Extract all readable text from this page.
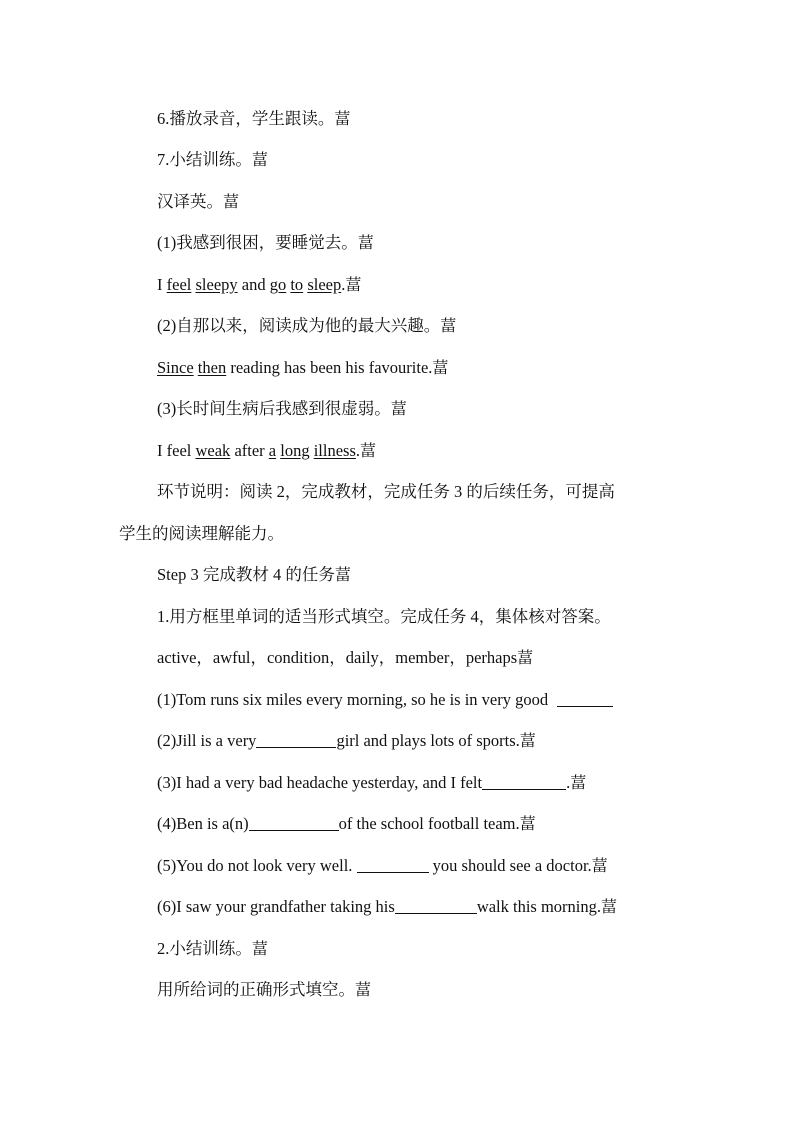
6.播放录音，学生跟读。葍
7.小结训练。葍
汉译英。葍
(1)我感到很困，要睡觉去。葍
I feel sleepy and go to sleep.葍
(2)自那以来，阅读成为他的最大兴趣。葍
Since then reading has been his favourite.葍
(3)长时间生病后我感到很虚弱。葍
I feel weak after a long illness.葍
环节说明：阅读 2，完成教材，完成任务 3 的后续任务，可提高
学生的阅读理解能力。
Step 3 完成教材 4 的任务葍
1.用方框里单词的适当形式填空。完成任务 4，集体核对答案。
active，awful，condition，daily，member，perhaps葍
(1)Tom runs six miles every morning, so he is in very good
(2)Jill is a very	girl and plays lots of sports.葍
(3)I had a very bad headache yesterday, and I felt	.葍
(4)Ben is a(n)	of the school football team.葍
(5)You do not look very well.	you should see a doctor.葍
(6)I saw your grandfather taking his	walk this morning.葍
2.小结训练。葍
用所给词的正确形式填空。葍
